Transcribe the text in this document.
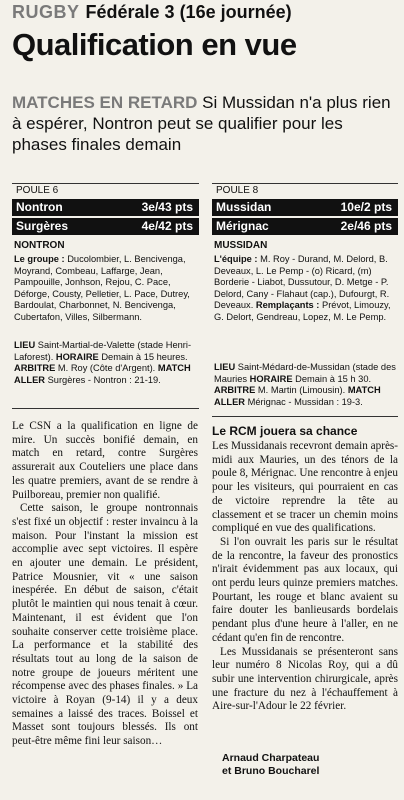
RUGBY Fédérale 3 (16e journée)
Qualification en vue
MATCHES EN RETARD Si Mussidan n'a plus rien à espérer, Nontron peut se qualifier pour les phases finales demain
POULE 6
Nontron	3e/43 pts
Surgères	4e/42 pts
NONTRON
Le groupe : Ducolombier, L. Bencivenga, Moyrand, Combeau, Laffarge, Jean, Pampouille, Jonhson, Rejou, C. Pace, Déforge, Cousty, Pelletier, L. Pace, Dutrey, Bardoulat, Charbonnet, N. Bencivenga, Cubertafon, Villes, Silbermann.
LIEU Saint-Martial-de-Valette (stade Henri-Laforest). HORAIRE Demain à 15 heures. ARBITRE M. Roy (Côte d'Argent). MATCH ALLER Surgères - Nontron : 21-19.
POULE 8
Mussidan	10e/2 pts
Mérignac	2e/46 pts
MUSSIDAN
L'équipe : M. Roy - Durand, M. Delord, B. Deveaux, L. Le Pemp - (o) Ricard, (m) Borderie - Liabot, Dussutour, D. Metge - P. Delord, Cany - Flahaut (cap.), Dufourgt, R. Deveaux. Remplaçants : Prévot, Limouzy, G. Delort, Gendreau, Lopez, M. Le Pemp.
LIEU Saint-Médard-de-Mussidan (stade des Mauries HORAIRE Demain à 15 h 30. ARBITRE M. Martin (Limousin). MATCH ALLER Mérignac - Mussidan : 19-3.

Le CSN a la qualification en ligne de mire. Un succès bonifié demain, en match en retard, contre Surgères assurerait aux Couteliers une place dans les quatre premiers, avant de se rendre à Puilboreau, premier non qualifié.

Cette saison, le groupe nontronnais s'est fixé un objectif : rester invaincu à la maison. Pour l'instant la mission est accomplie avec sept victoires. Il espère en ajouter une demain. Le président, Patrice Mousnier, vit « une saison inespérée. En début de saison, c'était plutôt le maintien qui nous tenait à cœur. Maintenant, il est évident que l'on souhaite conserver cette troisième place. La performance et la stabilité des résultats tout au long de la saison de notre groupe de joueurs méritent une récompense avec des phases finales. » La victoire à Royan (9-14) il y a deux semaines a laissé des traces. Boissel et Masset sont toujours blessés. Ils ont peut-être même fini leur saison…

Le RCM jouera sa chance

Les Mussidanais recevront demain après-midi aux Mauries, un des ténors de la poule 8, Mérignac. Une rencontre à enjeu pour les visiteurs, qui pourraient en cas de victoire reprendre la tête au classement et se tracer un chemin moins compliqué en vue des qualifications.

Si l'on ouvrait les paris sur le résultat de la rencontre, la faveur des pronostics n'irait évidemment pas aux locaux, qui ont perdu leurs quinze premiers matches. Pourtant, les rouge et blanc avaient su faire douter les banlieusards bordelais pendant plus d'une heure à l'aller, en ne cédant qu'en fin de rencontre.

Les Mussidanais se présenteront sans leur numéro 8 Nicolas Roy, qui a dû subir une intervention chirurgicale, après une fracture du nez à l'échauffement à Aire-sur-l'Adour le 22 février.

Arnaud Charpateau
et Bruno Boucharel
